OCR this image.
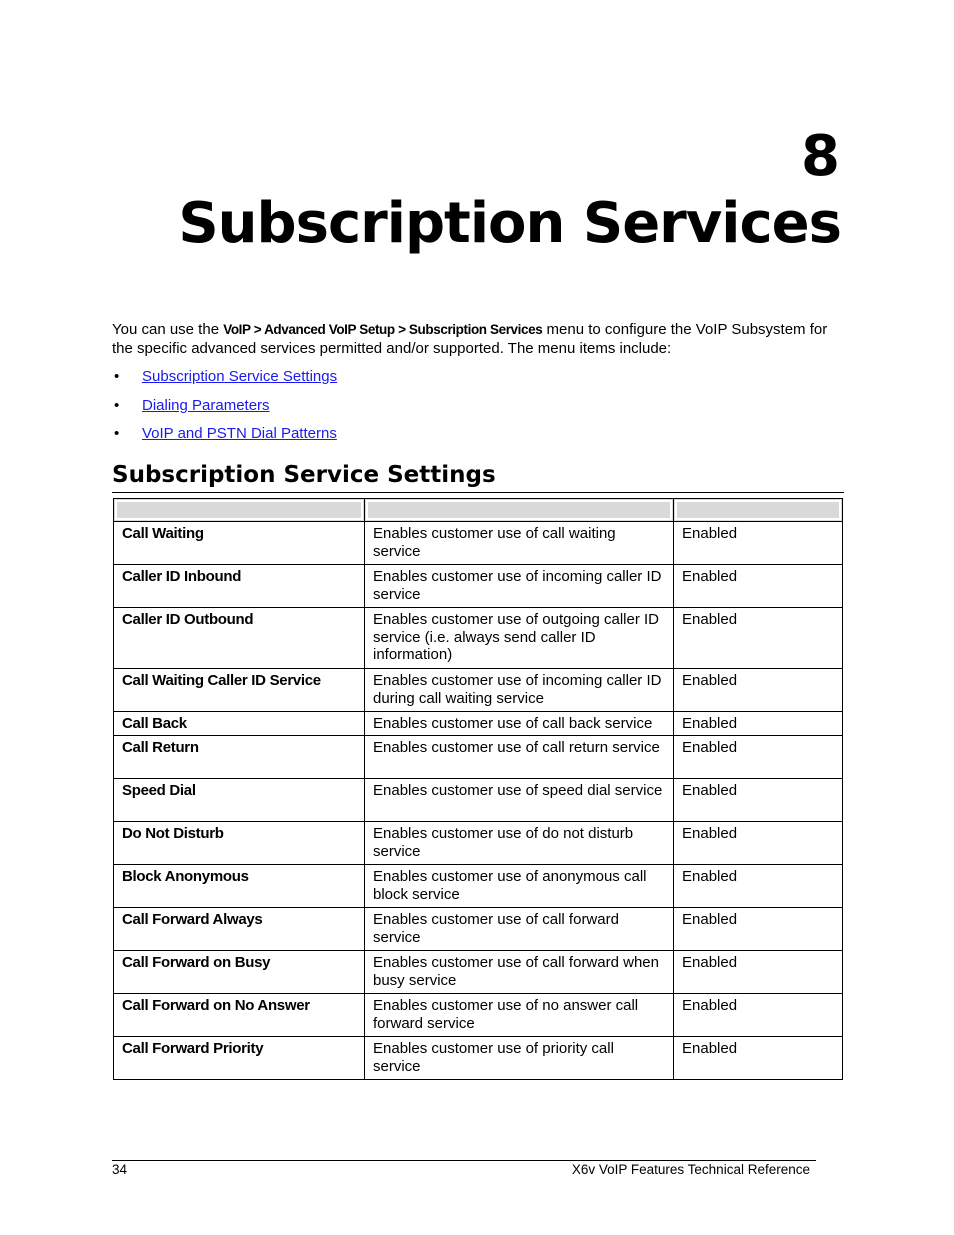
8
Subscription Services

You can use the VoIP > Advanced VoIP Setup > Subscription Services menu to configure the VoIP Subsystem for the specific advanced services permitted and/or supported. The menu items include:

•	Subscription Service Settings
•	Dialing Parameters
•	VoIP and PSTN Dial Patterns
Subscription Service Settings

Call Waiting	Enables customer use of call waiting service	Enabled
Caller ID Inbound	Enables customer use of incoming caller ID service	Enabled
Caller ID Outbound	Enables customer use of outgoing caller ID service (i.e. always send caller ID information)	Enabled
Call Waiting Caller ID Service	Enables customer use of incoming caller ID during call waiting service	Enabled
Call Back	Enables customer use of call back service	Enabled
Call Return	Enables customer use of call return service	Enabled
Speed Dial	Enables customer use of speed dial service	Enabled
Do Not Disturb	Enables customer use of do not disturb service	Enabled
Block Anonymous	Enables customer use of anonymous call block service	Enabled
Call Forward Always	Enables customer use of call forward service	Enabled
Call Forward on Busy	Enables customer use of call forward when busy service	Enabled
Call Forward on No Answer	Enables customer use of no answer call forward service	Enabled
Call Forward Priority	Enables customer use of priority call service	Enabled
34	X6v VoIP Features Technical Reference
